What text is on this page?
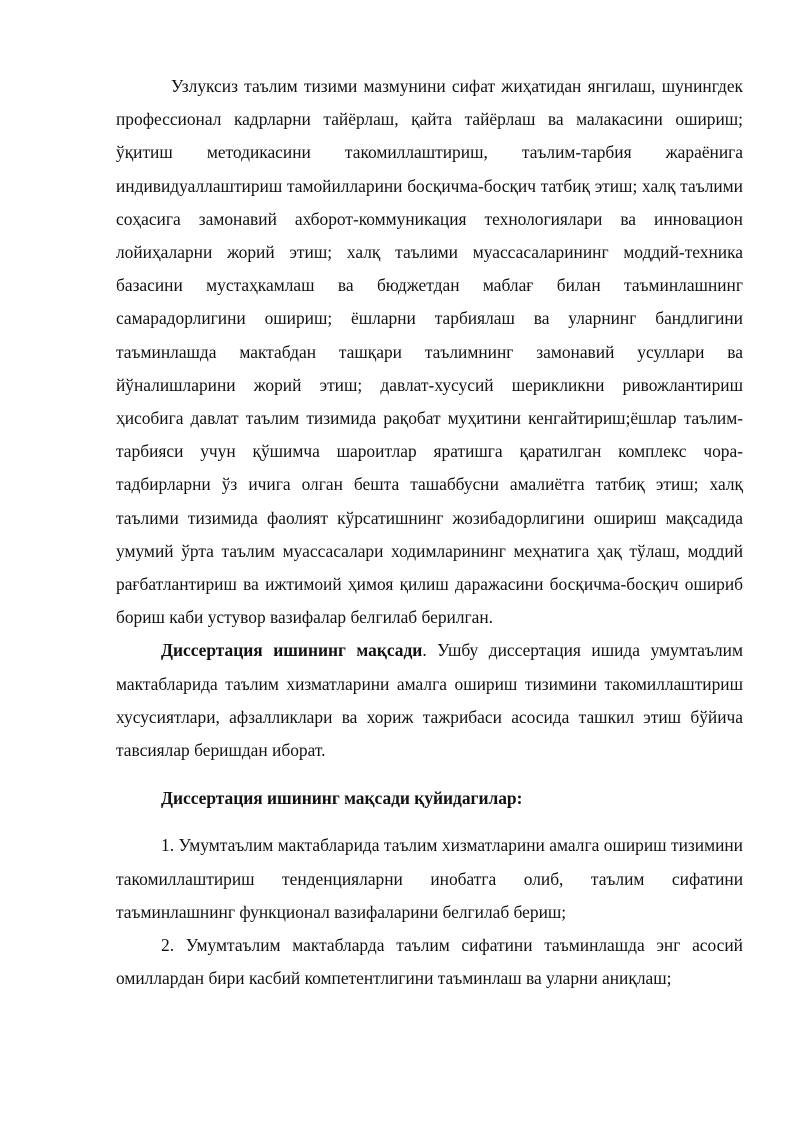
Узлуксиз таълим тизими мазмунини сифат жиҳатидан янгилаш, шунингдек профессионал кадрларни тайёрлаш, қайта тайёрлаш ва малакасини ошириш; ўқитиш методикасини такомиллаштириш, таълим-тарбия жараёнига индивидуаллаштириш тамойилларини босқичма-босқич татбиқ этиш; халқ таълими соҳасига замонавий ахборот-коммуникация технологиялари ва инновацион лойиҳаларни жорий этиш; халқ таълими муассасаларининг моддий-техника базасини мустаҳкамлаш ва бюджетдан маблағ билан таъминлашнинг самарадорлигини ошириш; ёшларни тарбиялаш ва уларнинг бандлигини таъминлашда мактабдан ташқари таълимнинг замонавий усуллари ва йўналишларини жорий этиш; давлат-хусусий шерикликни ривожлантириш ҳисобига давлат таълим тизимида рақобат муҳитини кенгайтириш;ёшлар таълим-тарбияси учун қўшимча шароитлар яратишга қаратилган комплекс чора-тадбирларни ўз ичига олган бешта ташаббусни амалиётга татбиқ этиш; халқ таълими тизимида фаолият кўрсатишнинг жозибадорлигини ошириш мақсадида умумий ўрта таълим муассасалари ходимларининг меҳнатига ҳақ тўлаш, моддий рағбатлантириш ва ижтимоий ҳимоя қилиш даражасини босқичма-босқич ошириб бориш каби устувор вазифалар белгилаб берилган.

Диссертация ишининг мақсади. Ушбу диссертация ишида умумтаълим мактабларида таълим хизматларини амалга ошириш тизимини такомиллаштириш хусусиятлари, афзалликлари ва хориж тажрибаси асосида ташкил этиш бўйича тавсиялар беришдан иборат.

Диссертация ишининг мақсади қуйидагилар:

1. Умумтаълим мактабларида таълим хизматларини амалга ошириш тизимини такомиллаштириш тенденцияларни инобатга олиб, таълим сифатини таъминлашнинг функционал вазифаларини белгилаб бериш;

2. Умумтаълим мактабларда таълим сифатини таъминлашда энг асосий омиллардан бири касбий компетентлигини таъминлаш ва уларни аниқлаш;
